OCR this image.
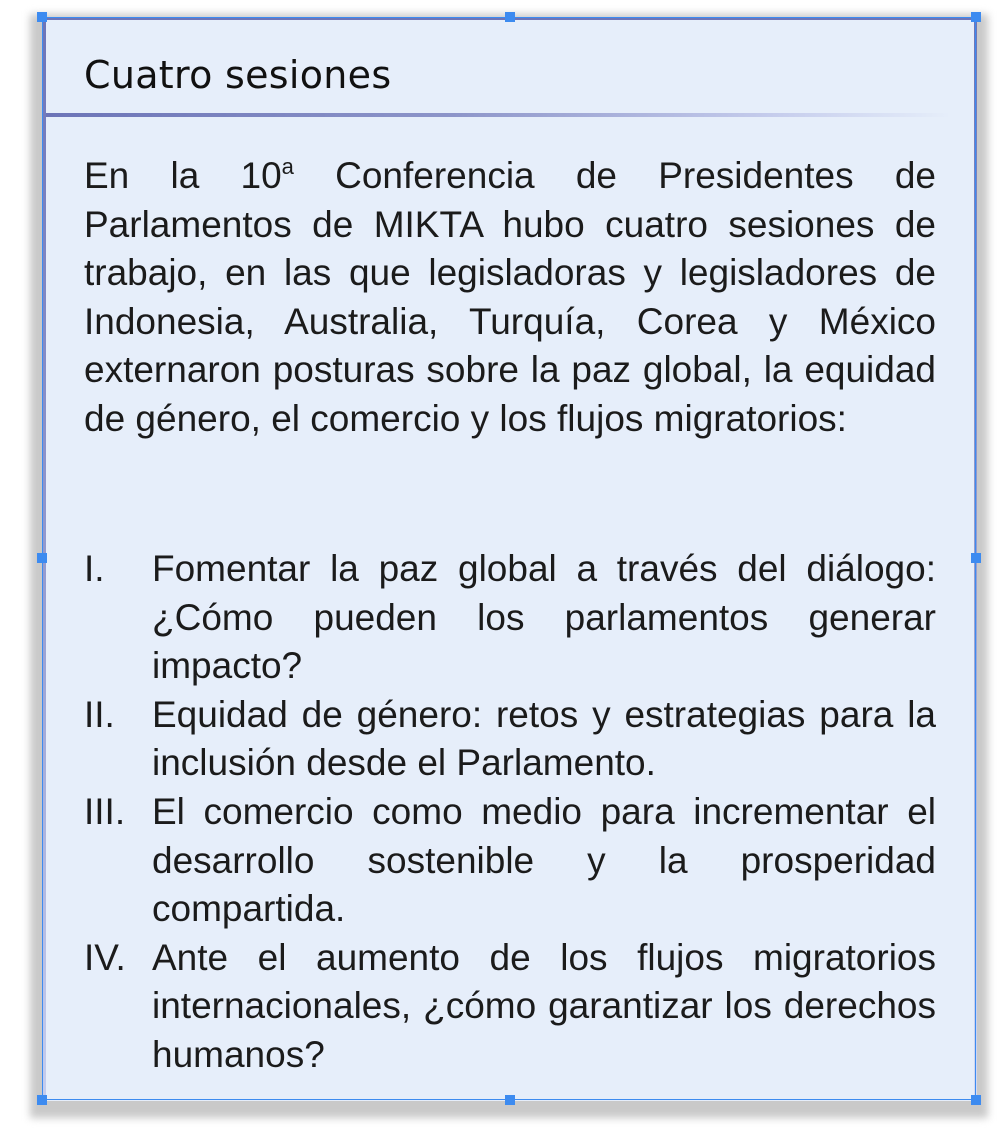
Cuatro sesiones

En la 10$^a$ Conferencia de Presidentes de Parlamentos de MIKTA hubo cuatro sesiones de trabajo, en las que legisladoras y legisladores de Indonesia, Australia, Turquía, Corea y México externaron posturas sobre la paz global, la equidad de género, el comercio y los flujos migratorios:

I. Fomentar la paz global a través del diálogo: ¿Cómo pueden los parlamentos generar impacto?
II. Equidad de género: retos y estrategias para la inclusión desde el Parlamento.
III. El comercio como medio para incrementar el desarrollo sostenible y la prosperidad compartida.
IV. Ante el aumento de los flujos migratorios internacionales, ¿cómo garantizar los derechos humanos?
